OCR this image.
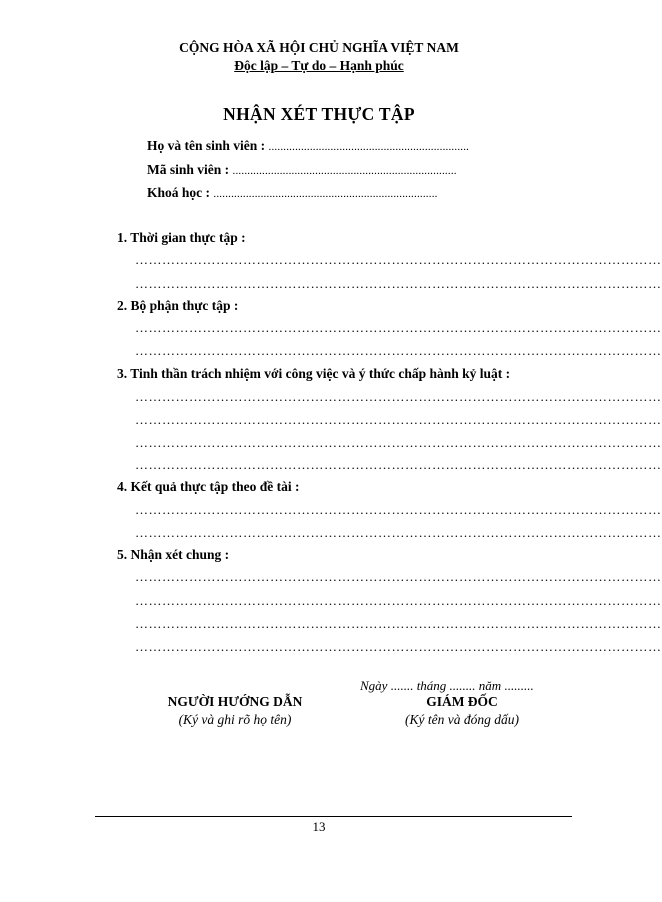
CỘNG HÒA XÃ HỘI CHỦ NGHĨA VIỆT NAM
Độc lập – Tự do – Hạnh phúc
NHẬN XÉT THỰC TẬP
Họ và tên sinh viên : ....................................................................
Mã sinh viên : ............................................................................
Khoá học : ............................................................................
1. Thời gian thực tập :
………………………………………………………………………………………………………
………………………………………………………………………………………………………
2. Bộ phận thực tập :
………………………………………………………………………………………………………
………………………………………………………………………………………………………
3. Tinh thần trách nhiệm với công việc và ý thức chấp hành kỷ luật :
………………………………………………………………………………………………………
………………………………………………………………………………………………………
………………………………………………………………………………………………………
………………………………………………………………………………………………………
4. Kết quả thực tập theo đề tài :
………………………………………………………………………………………………………
………………………………………………………………………………………………………
5. Nhận xét chung :
………………………………………………………………………………………………………
………………………………………………………………………………………………………
………………………………………………………………………………………………………
………………………………………………………………………………………………………
Ngày ....... tháng ........ năm .........
NGƯỜI HƯỚNG DẪN
(Ký và ghi rõ họ tên)
GIÁM ĐỐC
(Ký tên và đóng dấu)
13
